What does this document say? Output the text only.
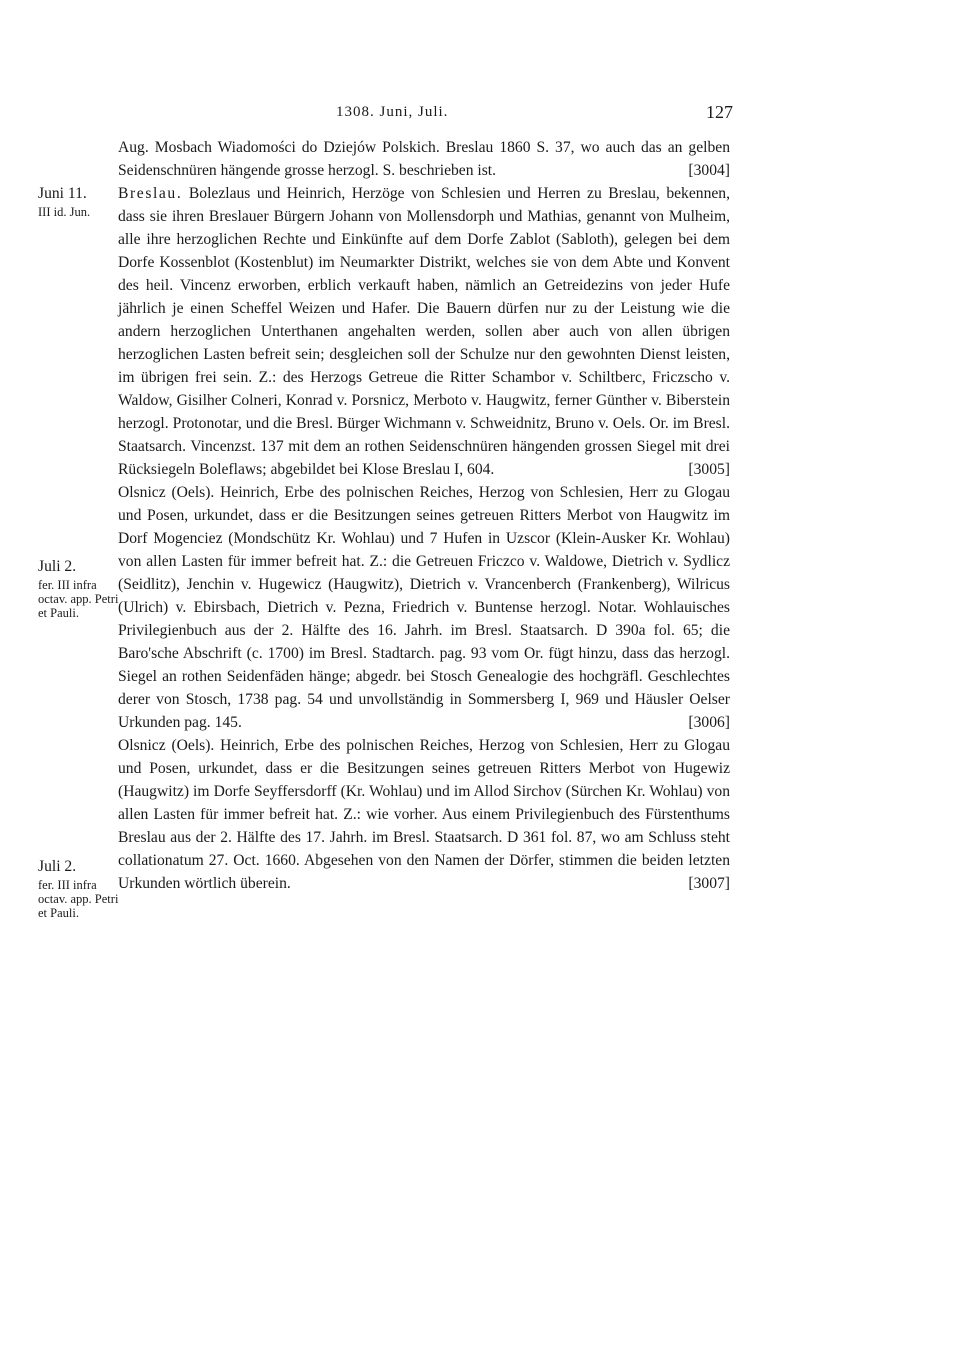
1308. Juni, Juli.	127
Juni 11.
III id. Jun.
Juli 2.
fer. III infra octav. app. Petri et Pauli.
Juli 2.
fer. III infra octav. app. Petri et Pauli.

Aug. Mosbach Wiadomości do Dziejów Polskich. Breslau 1860 S. 37, wo auch das an gelben Seidenschnüren hängende grosse herzogl. S. beschrieben ist.	[3004]

Breslau. Bolezlaus und Heinrich, Herzöge von Schlesien und Herren zu Breslau, bekennen, dass sie ihren Breslauer Bürgern Johann von Mollensdorph und Mathias, genannt von Mulheim, alle ihre herzoglichen Rechte und Einkünfte auf dem Dorfe Zablot (Sabloth), gelegen bei dem Dorfe Kossenblot (Kostenblut) im Neumarkter Distrikt, welches sie von dem Abte und Konvent des heil. Vincenz erworben, erblich verkauft haben, nämlich an Getreidezins von jeder Hufe jährlich je einen Scheffel Weizen und Hafer. Die Bauern dürfen nur zu der Leistung wie die andern herzoglichen Unterthanen angehalten werden, sollen aber auch von allen übrigen herzoglichen Lasten befreit sein; desgleichen soll der Schulze nur den gewohnten Dienst leisten, im übrigen frei sein. Z.: des Herzogs Getreue die Ritter Schambor v. Schiltberc, Friczscho v. Waldow, Gisilher Colneri, Konrad v. Porsnicz, Merboto v. Haugwitz, ferner Günther v. Biberstein herzogl. Protonotar, und die Bresl. Bürger Wichmann v. Schweidnitz, Bruno v. Oels. Or. im Bresl. Staatsarch. Vincenzst. 137 mit dem an rothen Seidenschnüren hängenden grossen Siegel mit drei Rücksiegeln Boleflaws; abgebildet bei Klose Breslau I, 604.	[3005]

Olsnicz (Oels). Heinrich, Erbe des polnischen Reiches, Herzog von Schlesien, Herr zu Glogau und Posen, urkundet, dass er die Besitzungen seines getreuen Ritters Merbot von Haugwitz im Dorf Mogenciez (Mondschütz Kr. Wohlau) und 7 Hufen in Uzscor (Klein-Ausker Kr. Wohlau) von allen Lasten für immer befreit hat. Z.: die Getreuen Friczco v. Waldowe, Dietrich v. Sydlicz (Seidlitz), Jenchin v. Hugewicz (Haugwitz), Dietrich v. Vrancenberch (Frankenberg), Wilricus (Ulrich) v. Ebirsbach, Dietrich v. Pezna, Friedrich v. Buntense herzogl. Notar. Wohlauisches Privilegienbuch aus der 2. Hälfte des 16. Jahrh. im Bresl. Staatsarch. D 390a fol. 65; die Baro'sche Abschrift (c. 1700) im Bresl. Stadtarch. pag. 93 vom Or. fügt hinzu, dass das herzogl. Siegel an rothen Seidenfäden hänge; abgedr. bei Stosch Genealogie des hochgräfl. Geschlechtes derer von Stosch, 1738 pag. 54 und unvollständig in Sommersberg I, 969 und Häusler Oelser Urkunden pag. 145.	[3006]

Olsnicz (Oels). Heinrich, Erbe des polnischen Reiches, Herzog von Schlesien, Herr zu Glogau und Posen, urkundet, dass er die Besitzungen seines getreuen Ritters Merbot von Hugewiz (Haugwitz) im Dorfe Seyffersdorff (Kr. Wohlau) und im Allod Sirchov (Sürchen Kr. Wohlau) von allen Lasten für immer befreit hat. Z.: wie vorher. Aus einem Privilegienbuch des Fürstenthums Breslau aus der 2. Hälfte des 17. Jahrh. im Bresl. Staatsarch. D 361 fol. 87, wo am Schluss steht collationatum 27. Oct. 1660. Abgesehen von den Namen der Dörfer, stimmen die beiden letzten Urkunden wörtlich überein.	[3007]
